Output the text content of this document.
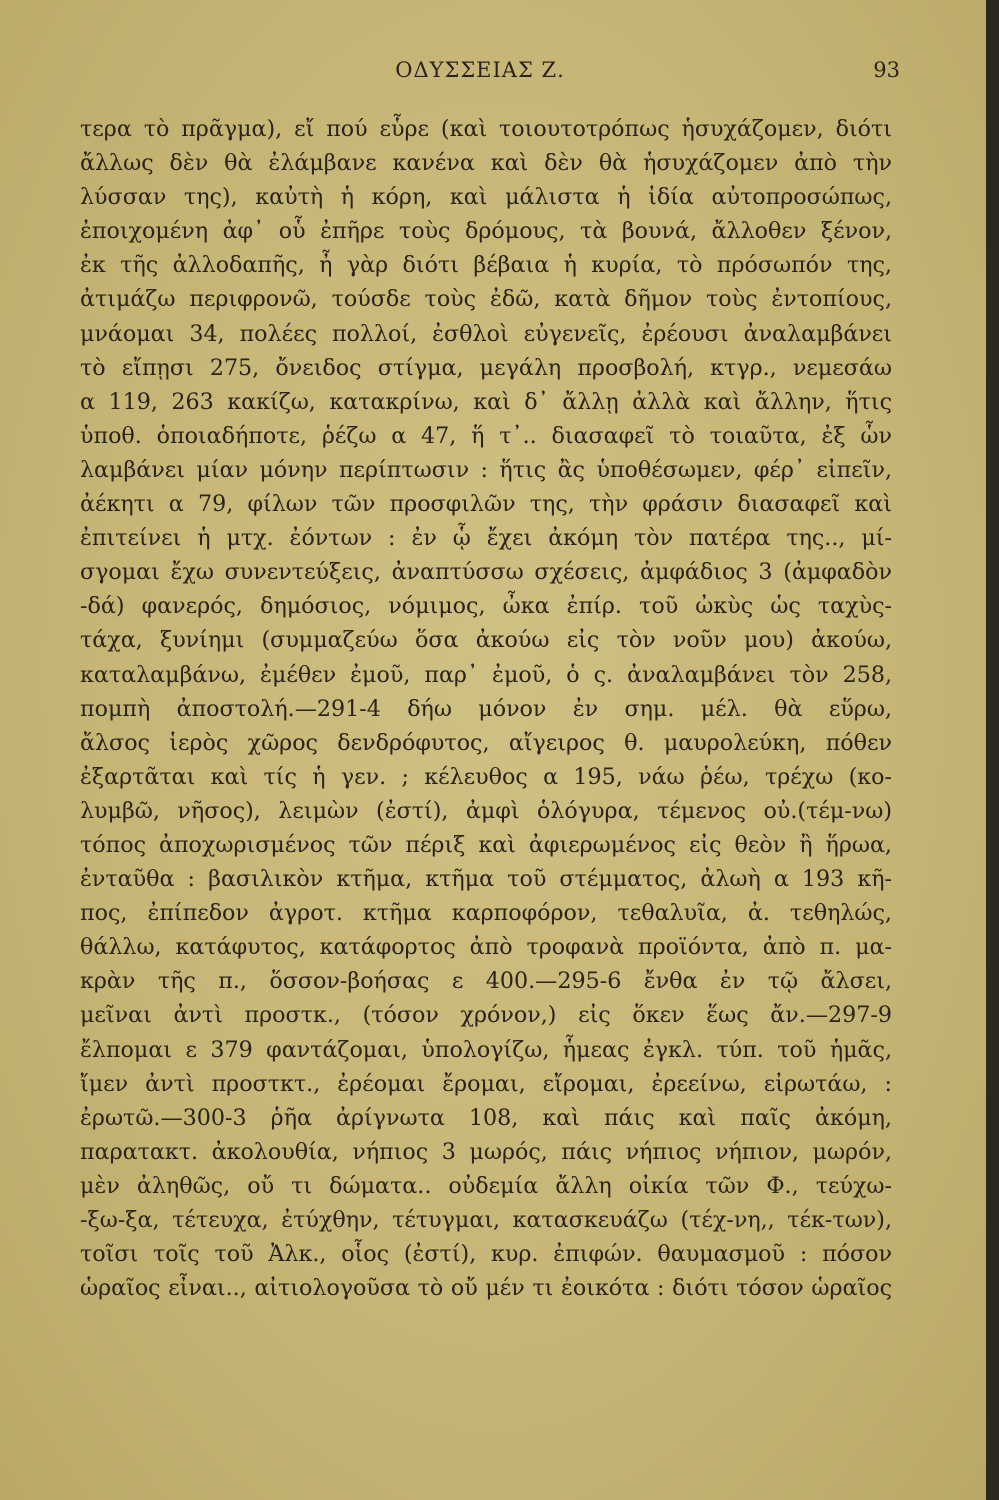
ΟΔΥΣΣΕΙΑΣ Ζ.	93
τερα τὸ πρᾶγμα), εἴ πού εὗρε (καὶ τοιουτοτρόπως ἡσυχάζομεν, διότι
ἄλλως δὲν θὰ ἐλάμβανε κανένα καὶ δὲν θὰ ἡσυχάζομεν ἀπὸ τὴν
λύσσαν της), καὐτὴ ἡ κόρη, καὶ μάλιστα ἡ ἰδία αὐτοπροσώπως,
ἐποιχομένη ἀφ᾽ οὗ ἐπῆρε τοὺς δρόμους, τὰ βουνά, ἄλλοθεν ξένον,
ἐκ τῆς ἀλλοδαπῆς, ἦ γὰρ διότι βέβαια ἡ κυρία, τὸ πρόσωπόν της,
ἀτιμάζω περιφρονῶ, τούσδε τοὺς ἐδῶ, κατὰ δῆμον τοὺς ἐντοπίους,
μνάομαι 34, πολέες πολλοί, ἐσθλοὶ εὐγενεῖς, ἐρέουσι ἀναλαμβάνει
τὸ εἴπῃσι 275, ὄνειδος στίγμα, μεγάλη προσβολή, κτγρ., νεμεσάω
α 119, 263 κακίζω, κατακρίνω, καὶ δ᾽ ἄλλῃ ἀλλὰ καὶ ἄλλην, ἥτις
ὑποθ. ὁποιαδήποτε, ῥέζω α 47, ἥ τ᾽.. διασαφεῖ τὸ τοιαῦτα, ἐξ ὧν
λαμβάνει μίαν μόνην περίπτωσιν : ἥτις ἂς ὑποθέσωμεν, φέρ᾽ εἰπεῖν,
ἀέκητι α 79, φίλων τῶν προσφιλῶν της, τὴν φράσιν διασαφεῖ καὶ
ἐπιτείνει ἡ μτχ. ἐόντων : ἐν ᾧ ἔχει ἀκόμη τὸν πατέρα της.., μί-
σγομαι ἔχω συνεντεύξεις, ἀναπτύσσω σχέσεις, ἀμφάδιος 3 (ἀμφαδὸν
-δά) φανερός, δημόσιος, νόμιμος, ὦκα ἐπίρ. τοῦ ὠκὺς ὡς ταχὺς-
τάχα, ξυνίημι (συμμαζεύω ὅσα ἀκούω εἰς τὸν νοῦν μου) ἀκούω,
καταλαμβάνω, ἐμέθεν ἐμοῦ, παρ᾽ ἐμοῦ, ὁ ς. ἀναλαμβάνει τὸν 258,
πομπὴ ἀποστολή.—291-4 δήω μόνον ἐν σημ. μέλ. θὰ εὕρω,
ἄλσος ἱερὸς χῶρος δενδρόφυτος, αἴγειρος θ. μαυρολεύκη, πόθεν
ἐξαρτᾶται καὶ τίς ἡ γεν. ; κέλευθος α 195, νάω ῥέω, τρέχω (κο-
λυμβῶ, νῆσος), λειμὼν (ἐστί), ἀμφὶ ὁλόγυρα, τέμενος οὐ.(τέμ-νω)
τόπος ἀποχωρισμένος τῶν πέριξ καὶ ἀφιερωμένος εἰς θεὸν ἢ ἥρωα,
ἐνταῦθα : βασιλικὸν κτῆμα, κτῆμα τοῦ στέμματος, ἀλωὴ α 193 κῆ-
πος, ἐπίπεδον ἀγροτ. κτῆμα καρποφόρον, τεθαλυῖα, ἀ. τεθηλώς,
θάλλω, κατάφυτος, κατάφορτος ἀπὸ τροφανὰ προϊόντα, ἀπὸ π. μα-
κρὰν τῆς π., ὅσσον-βοήσας ε 400.—295-6 ἔνθα ἐν τῷ ἄλσει,
μεῖναι ἀντὶ προστκ., (τόσον χρόνον,) εἰς ὅκεν ἕως ἄν.—297-9
ἔλπομαι ε 379 φαντάζομαι, ὑπολογίζω, ἧμεας ἐγκλ. τύπ. τοῦ ἡμᾶς,
ἴμεν ἀντὶ προστκτ., ἐρέομαι ἔρομαι, εἴρομαι, ἐρεείνω, εἰρωτάω, :
ἐρωτῶ.—300-3 ῥῆα ἀρίγνωτα 108, καὶ πάις καὶ παῖς ἀκόμη,
παρατακτ. ἀκολουθία, νήπιος 3 μωρός, πάις νήπιος νήπιον, μωρόν,
μὲν ἀληθῶς, οὔ τι δώματα.. οὐδεμία ἄλλη οἰκία τῶν Φ., τεύχω-
-ξω-ξα, τέτευχα, ἐτύχθην, τέτυγμαι, κατασκευάζω (τέχ-νη,, τέκ-των),
τοῖσι τοῖς τοῦ Ἀλκ., οἷος (ἐστί), κυρ. ἐπιφών. θαυμασμοῦ : πόσον
ὡραῖος εἶναι.., αἰτιολογοῦσα τὸ οὔ μέν τι ἐοικότα : διότι τόσον ὡραῖος
